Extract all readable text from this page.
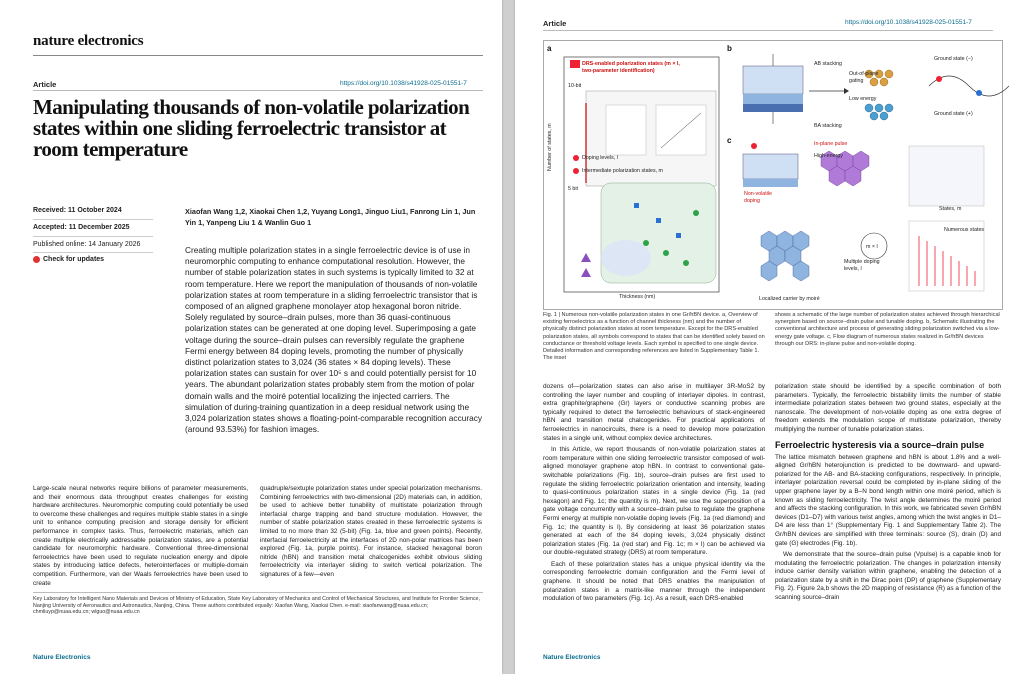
nature electronics
Article	https://doi.org/10.1038/s41928-025-01551-7
Manipulating thousands of non-volatile polarization states within one sliding ferroelectric transistor at room temperature
Received: 11 October 2024
Accepted: 11 December 2025
Published online: 14 January 2026
Check for updates
Xiaofan Wang 1,2, Xiaokai Chen 1,2, Yuyang Long1, Jinguo Liu1, Fanrong Lin 1, Jun Yin 1, Yanpeng Liu 1 & Wanlin Guo 1
Creating multiple polarization states in a single ferroelectric device is of use in neuromorphic computing to enhance computational resolution. However, the number of stable polarization states in such systems is typically limited to 32 at room temperature. Here we report the manipulation of thousands of non-volatile polarization states at room temperature in a sliding ferroelectric transistor that is composed of an aligned graphene monolayer atop hexagonal boron nitride. Solely regulated by source–drain pulses, more than 36 quasi-continuous polarization states can be generated at one doping level. Superimposing a gate voltage during the source–drain pulses can reversibly regulate the graphene Fermi energy between 84 doping levels, promoting the number of physically distinct polarization states to 3,024 (36 states × 84 doping levels). These polarization states can sustain for over 10⁵ s and could potentially persist for 10 years. The abundant polarization states probably stem from the motion of polar domain walls and the moiré potential localizing the injected carriers. The simulation of during-training quantization in a deep residual network using the 3,024 polarization states shows a floating-point-comparable recognition accuracy (around 93.53%) for fashion images.

Large-scale neural networks require billions of parameter measurements, and their enormous data throughput creates challenges for existing hardware architectures. Neuromorphic computing could potentially be used to overcome these challenges and requires multiple stable states in a single unit to enhance computing precision and storage density for efficient performance in complex tasks. Thus, ferroelectric materials, which can create multiple electrically addressable polarization states, are a potential candidate for neuromorphic hardware. Conventional three-dimensional ferroelectrics have been used to regulate nucleation energy and dipole states by introducing lattice defects, heterointerfaces or multiple-domain competition. Furthermore, van der Waals ferroelectrics have been used to create

quadruple/sextuple polarization states under special polarization mechanisms. Combining ferroelectrics with two-dimensional (2D) materials can, in addition, be used to achieve better tunability of multistate polarization through interfacial charge trapping and band structure modulation. However, the number of stable polarization states created in these ferroelectric systems is limited to no more than 32 (5-bit) (Fig. 1a, blue and green points). Recently, interfacial ferroelectricity at the interfaces of 2D non-polar matrices has been explored (Fig. 1a, purple points). For instance, stacked hexagonal boron nitride (hBN) and transition metal chalcogenides exhibit obvious sliding ferroelectricity via interlayer sliding to switch vertical polarization. The signatures of a few—even

Key Laboratory for Intelligent Nano Materials and Devices of Ministry of Education, State Key Laboratory of Mechanics and Control of Mechanical Structures, and Institute for Frontier Science, Nanjing University of Aeronautics and Astronautics, Nanjing, China. These authors contributed equally: Xiaofan Wang, Xiaokai Chen. e-mail: xiaofanwang@nuaa.edu.cn; chmliuyp@nuaa.edu.cn; wlguo@nuaa.edu.cn
Nature Electronics
Article	https://doi.org/10.1038/s41928-025-01551-7
a
DRS-enabled polarization states (m × l, two-parameter identification)
Number of states, m
Thickness (nm)
10-bit
5 bit
Doping levels, l
Intermediate polarization states, m
b
AB stacking
BA stacking
Out-of-plane gating
Low energy
Ground state (−)
Ground state (+)
c	In-plane pulse
High-energy
Non-volatile doping
States, m
Numerous states
Multiple doping levels, l
m × l
Localized carrier by moiré
Fig. 1 | Numerous non-volatile polarization states in one Gr/hBN device. a, Overview of existing ferroelectrics as a function of channel thickness (nm) and the number of physically distinct polarization states at room temperature. Except for the DRS-enabled polarization states, all symbols correspond to states that can be identified solely based on conductance or threshold voltage levels. Each symbol is specified to one single device. Detailed information and corresponding references are listed in Supplementary Table 1. The inset
shows a schematic of the large number of polarization states achieved through hierarchical synergism based on source–drain pulse and tunable doping. b, Schematic illustrating the conventional architecture and process of generating sliding polarization switched via a low-energy gate voltage. c, Flow diagram of numerous states realized in Gr/hBN devices through our DRS: in-plane pulse and non-volatile doping.

dozens of—polarization states can also arise in multilayer 3R-MoS2 by controlling the layer number and coupling of interlayer dipoles. In contrast, extra graphite/graphene (Gr) layers or conductive scanning probes are typically required to detect the ferroelectric behaviours of stack-engineered hBN and transition metal chalcogenides. For practical applications of ferroelectrics in nanocircuits, there is a need to develop more polarization states in a single unit, without complex device architectures.

In this Article, we report thousands of non-volatile polarization states at room temperature within one sliding ferroelectric transistor composed of well-aligned monolayer graphene atop hBN. In contrast to conventional gate-switchable polarizations (Fig. 1b), source–drain pulses are first used to regulate the sliding ferroelectric polarization orientation and intensity, leading to quasi-continuous polarization states in a single device (Fig. 1a (red hexagon) and Fig. 1c; the quantity is m). Next, we use the superposition of a gate voltage concurrently with a source–drain pulse to regulate the graphene Fermi energy at multiple non-volatile doping levels (Fig. 1a (red diamond) and Fig. 1c; the quantity is l). By considering at least 36 polarization states generated at each of the 84 doping levels, 3,024 physically distinct polarization states (Fig. 1a (red star) and Fig. 1c; m × l) can be achieved via our double-regulated strategy (DRS) at room temperature.

Each of these polarization states has a unique physical identity via the corresponding ferroelectric domain configuration and the Fermi level of graphene. It should be noted that DRS enables the manipulation of polarization states in a matrix-like manner through the independent modulation of two parameters (Fig. 1c). As a result, each DRS-enabled

polarization state should be identified by a specific combination of both parameters. Typically, the ferroelectric bistability limits the number of stable intermediate polarization states between two ground states, especially at the nanoscale. The development of non-volatile doping as one extra degree of freedom extends the modulation scope of multistate polarization, thereby multiplying the number of tunable polarization states.

Ferroelectric hysteresis via a source–drain pulse

The lattice mismatch between graphene and hBN is about 1.8% and a well-aligned Gr/hBN heterojunction is predicted to be downward- and upward-polarized for the AB- and BA-stacking configurations, respectively. In principle, interlayer polarization reversal could be completed by in-plane sliding of the upper graphene layer by a B–N bond length within one moiré period, which is known as sliding ferroelectricity. The twist angle determines the moiré period and affects the stacking configuration. In this work, we fabricated seven Gr/hBN devices (D1–D7) with various twist angles, among which the twist angles in D1–D4 are less than 1° (Supplementary Fig. 1 and Supplementary Table 2). The Gr/hBN devices are simplified with three terminals: source (S), drain (D) and gate (G) electrodes (Fig. 1b).

We demonstrate that the source–drain pulse (Vpulse) is a capable knob for modulating the ferroelectric polarization. The changes in polarization intensity induce carrier density variation within graphene, enabling the detection of a polarization state by a shift in the Dirac point (DP) of graphene (Supplementary Fig. 2). Figure 2a,b shows the 2D mapping of resistance (R) as a function of the scanning source–drain

Nature Electronics
